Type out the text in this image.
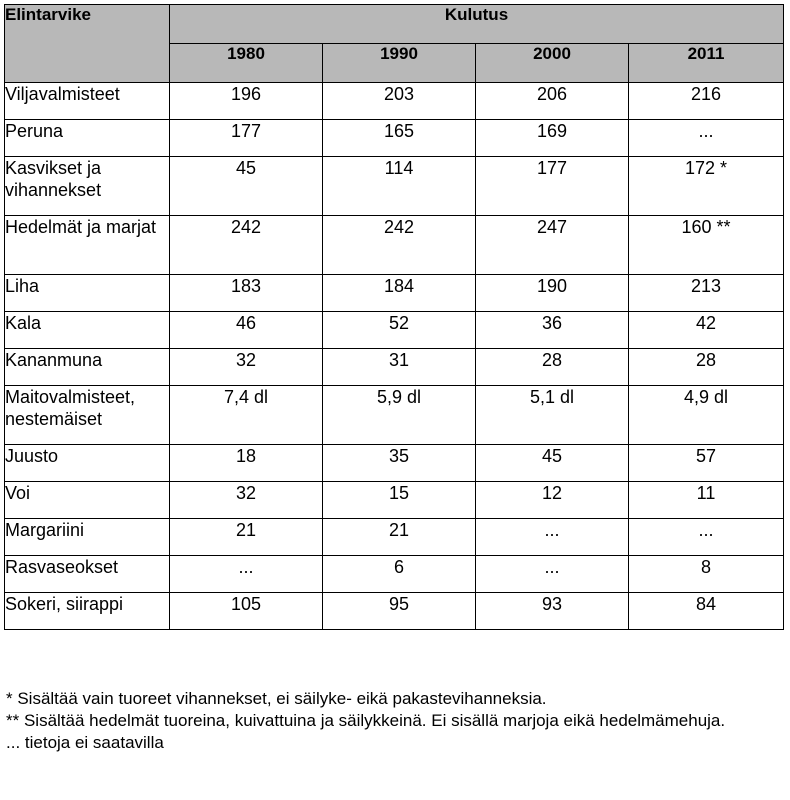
Elintarvike	Kulutus			
	1980	1990	2000	2011
Viljavalmisteet	196	203	206	216
Peruna	177	165	169	...
Kasvikset ja vihannekset	45	114	177	172 *
Hedelmät ja marjat	242	242	247	160 **
Liha	183	184	190	213
Kala	46	52	36	42
Kananmuna	32	31	28	28
Maitovalmisteet, nestemäiset	7,4 dl	5,9 dl	5,1 dl	4,9 dl
Juusto	18	35	45	57
Voi	32	15	12	11
Margariini	21	21	...	...
Rasvaseokset	...	6	...	8
Sokeri, siirappi	105	95	93	84
* Sisältää vain tuoreet vihannekset, ei säilyke- eikä pakastevihanneksia.
** Sisältää hedelmät tuoreina, kuivattuina ja säilykkeinä. Ei sisällä marjoja eikä hedelmämehuja.
... tietoja ei saatavilla
